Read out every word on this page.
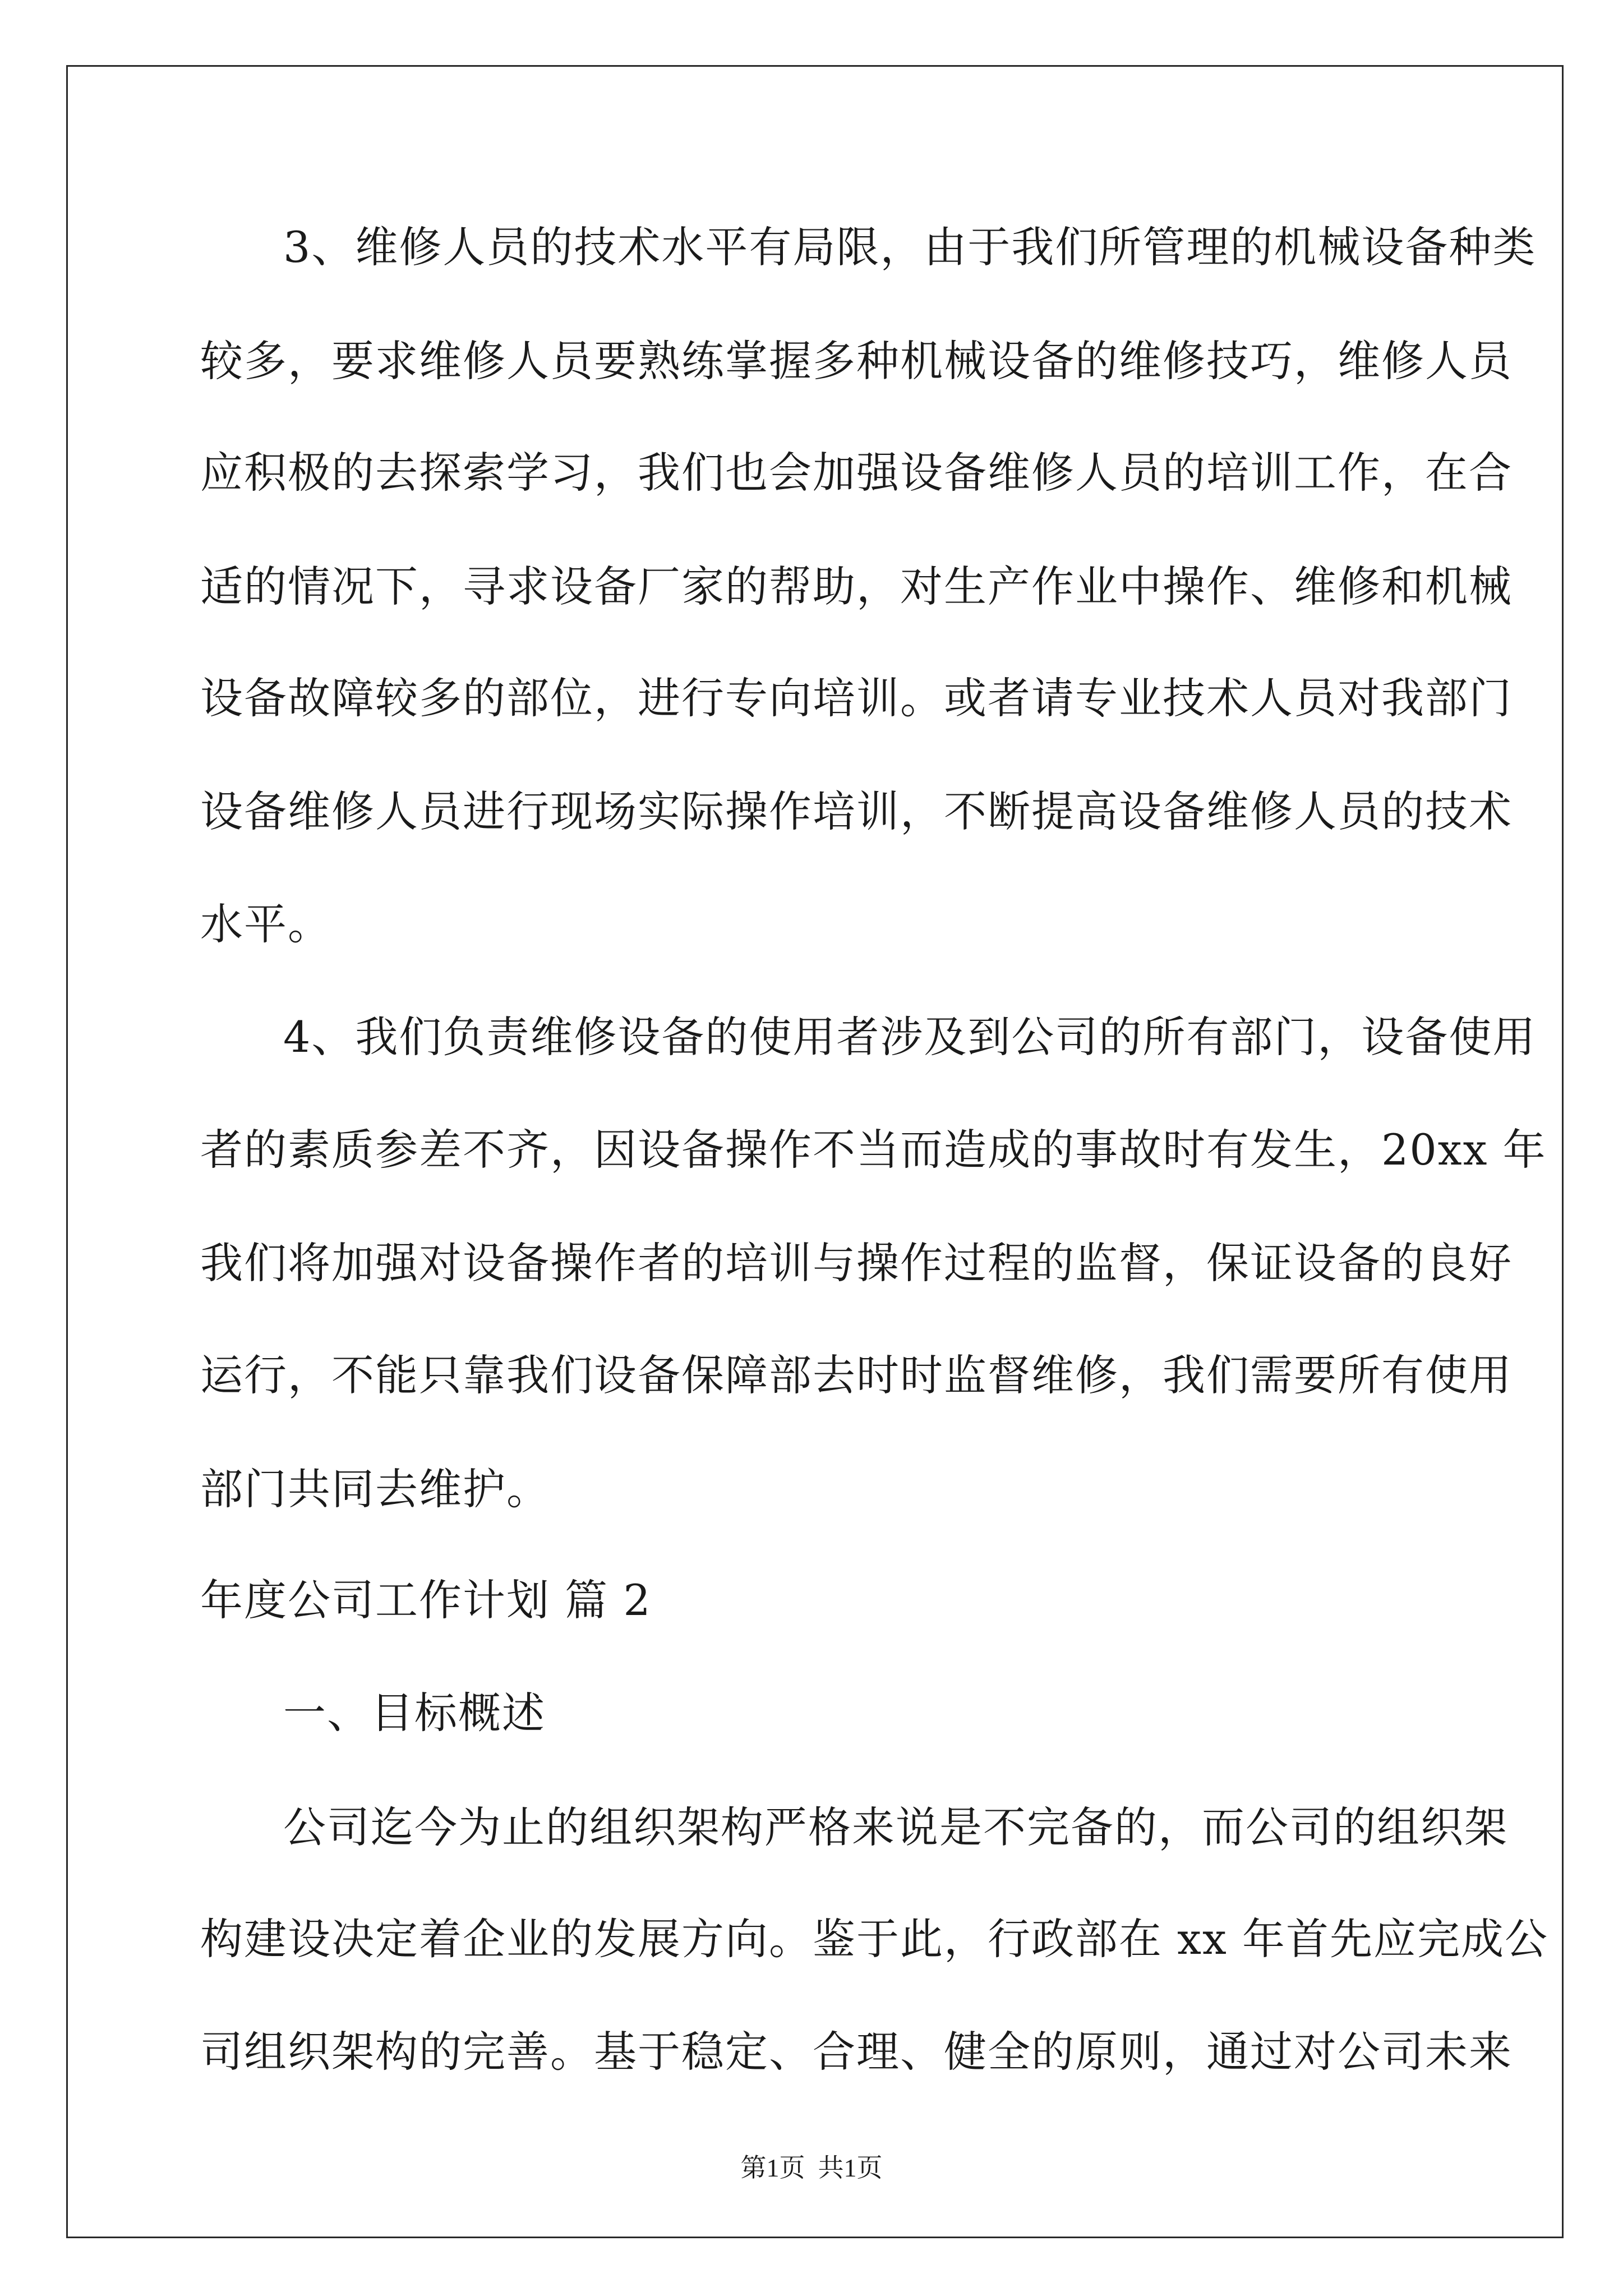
3、维修人员的技术水平有局限，由于我们所管理的机械设备种类
较多，要求维修人员要熟练掌握多种机械设备的维修技巧，维修人员
应积极的去探索学习，我们也会加强设备维修人员的培训工作，在合
适的情况下，寻求设备厂家的帮助，对生产作业中操作、维修和机械
设备故障较多的部位，进行专向培训。或者请专业技术人员对我部门
设备维修人员进行现场实际操作培训，不断提高设备维修人员的技术
水平。
4、我们负责维修设备的使用者涉及到公司的所有部门，设备使用
者的素质参差不齐，因设备操作不当而造成的事故时有发生，20xx 年
我们将加强对设备操作者的培训与操作过程的监督，保证设备的良好
运行，不能只靠我们设备保障部去时时监督维修，我们需要所有使用
部门共同去维护。
年度公司工作计划 篇 2
一、目标概述
公司迄今为止的组织架构严格来说是不完备的，而公司的组织架
构建设决定着企业的发展方向。鉴于此，行政部在 xx 年首先应完成公
司组织架构的完善。基于稳定、合理、健全的原则，通过对公司未来
第1页  共1页
